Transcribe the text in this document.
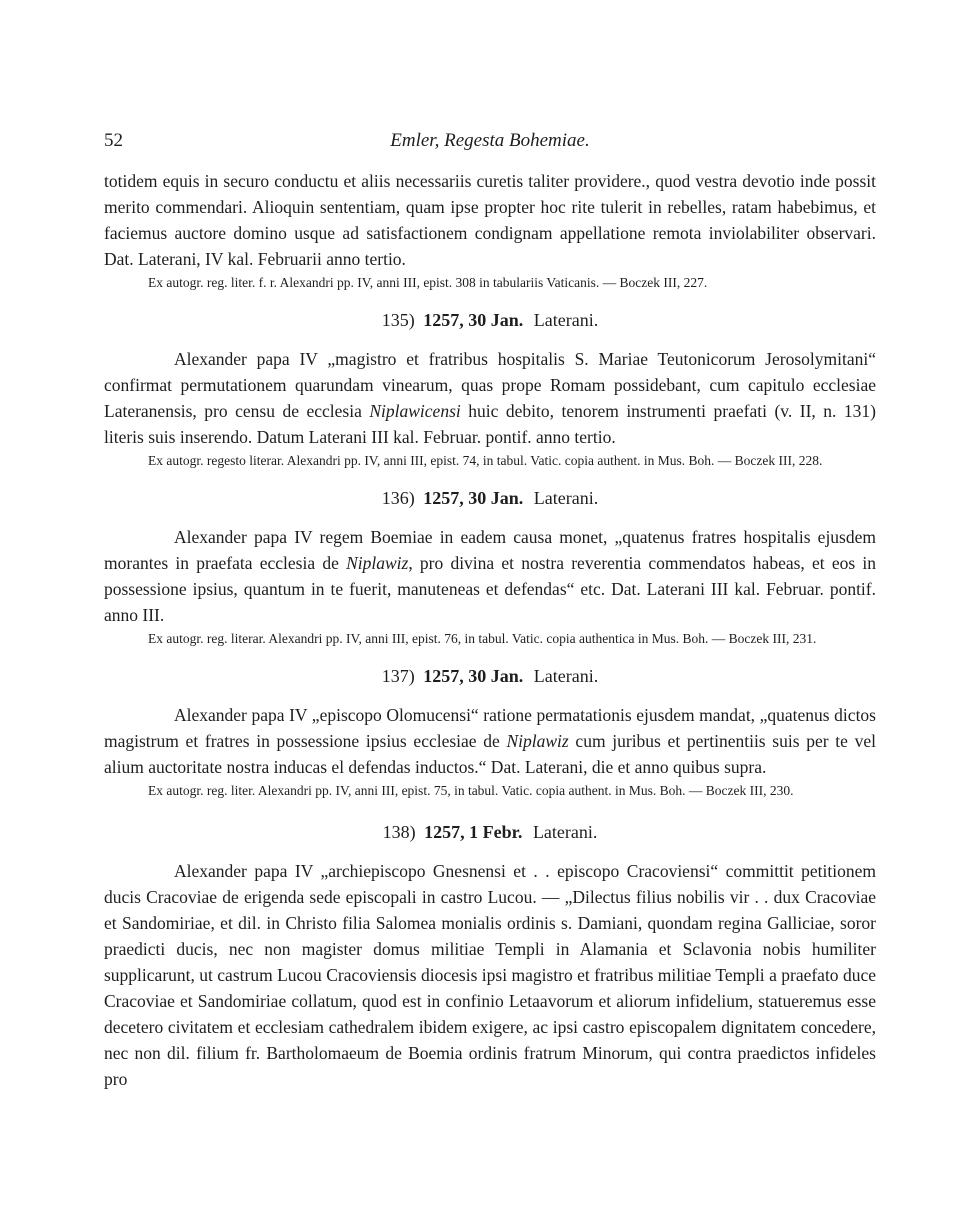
52	Emler, Regesta Bohemiae.

totidem equis in securo conductu et aliis necessariis curetis taliter providere., quod vestra devotio inde possit merito commendari. Alioquin sententiam, quam ipse propter hoc rite tulerit in rebelles, ratam habebimus, et faciemus auctore domino usque ad satisfactionem condignam appellatione remota inviolabiliter observari. Dat. Laterani, IV kal. Februarii anno tertio.

Ex autogr. reg. liter. f. r. Alexandri pp. IV, anni III, epist. 308 in tabulariis Vaticanis. — Boczek III, 227.

135) 1257, 30 Jan. Laterani.

Alexander papa IV „magistro et fratribus hospitalis S. Mariae Teutonicorum Jerosolymitani“ confirmat permutationem quarundam vinearum, quas prope Romam possidebant, cum capitulo ecclesiae Lateranensis, pro censu de ecclesia Niplawicensi huic debito, tenorem instrumenti praefati (v. II, n. 131) literis suis inserendo. Datum Laterani III kal. Februar. pontif. anno tertio.

Ex autogr. regesto literar. Alexandri pp. IV, anni III, epist. 74, in tabul. Vatic. copia authent. in Mus. Boh. — Boczek III, 228.

136) 1257, 30 Jan. Laterani.

Alexander papa IV regem Boemiae in eadem causa monet, „quatenus fratres hospitalis ejusdem morantes in praefata ecclesia de Niplawiz, pro divina et nostra reverentia commendatos habeas, et eos in possessione ipsius, quantum in te fuerit, manuteneas et defendas“ etc. Dat. Laterani III kal. Februar. pontif. anno III.

Ex autogr. reg. literar. Alexandri pp. IV, anni III, epist. 76, in tabul. Vatic. copia authentica in Mus. Boh. — Boczek III, 231.

137) 1257, 30 Jan. Laterani.

Alexander papa IV „episcopo Olomucensi“ ratione permatationis ejusdem mandat, „quatenus dictos magistrum et fratres in possessione ipsius ecclesiae de Niplawiz cum juribus et pertinentiis suis per te vel alium auctoritate nostra inducas el defendas inductos.“ Dat. Laterani, die et anno quibus supra.

Ex autogr. reg. liter. Alexandri pp. IV, anni III, epist. 75, in tabul. Vatic. copia authent. in Mus. Boh. — Boczek III, 230.

138) 1257, 1 Febr. Laterani.

Alexander papa IV „archiepiscopo Gnesnensi et . . episcopo Cracoviensi“ committit petitionem ducis Cracoviae de erigenda sede episcopali in castro Lucou. — „Dilectus filius nobilis vir . . dux Cracoviae et Sandomiriae, et dil. in Christo filia Salomea monialis ordinis s. Damiani, quondam regina Galliciae, soror praedicti ducis, nec non magister domus militiae Templi in Alamania et Sclavonia nobis humiliter supplicarunt, ut castrum Lucou Cracoviensis diocesis ipsi magistro et fratribus militiae Templi a praefato duce Cracoviae et Sandomiriae collatum, quod est in confinio Letaavorum et aliorum infidelium, statueremus esse decetero civitatem et ecclesiam cathedralem ibidem exigere, ac ipsi castro episcopalem dignitatem concedere, nec non dil. filium fr. Bartholomaeum de Boemia ordinis fratrum Minorum, qui contra praedictos infideles pro
